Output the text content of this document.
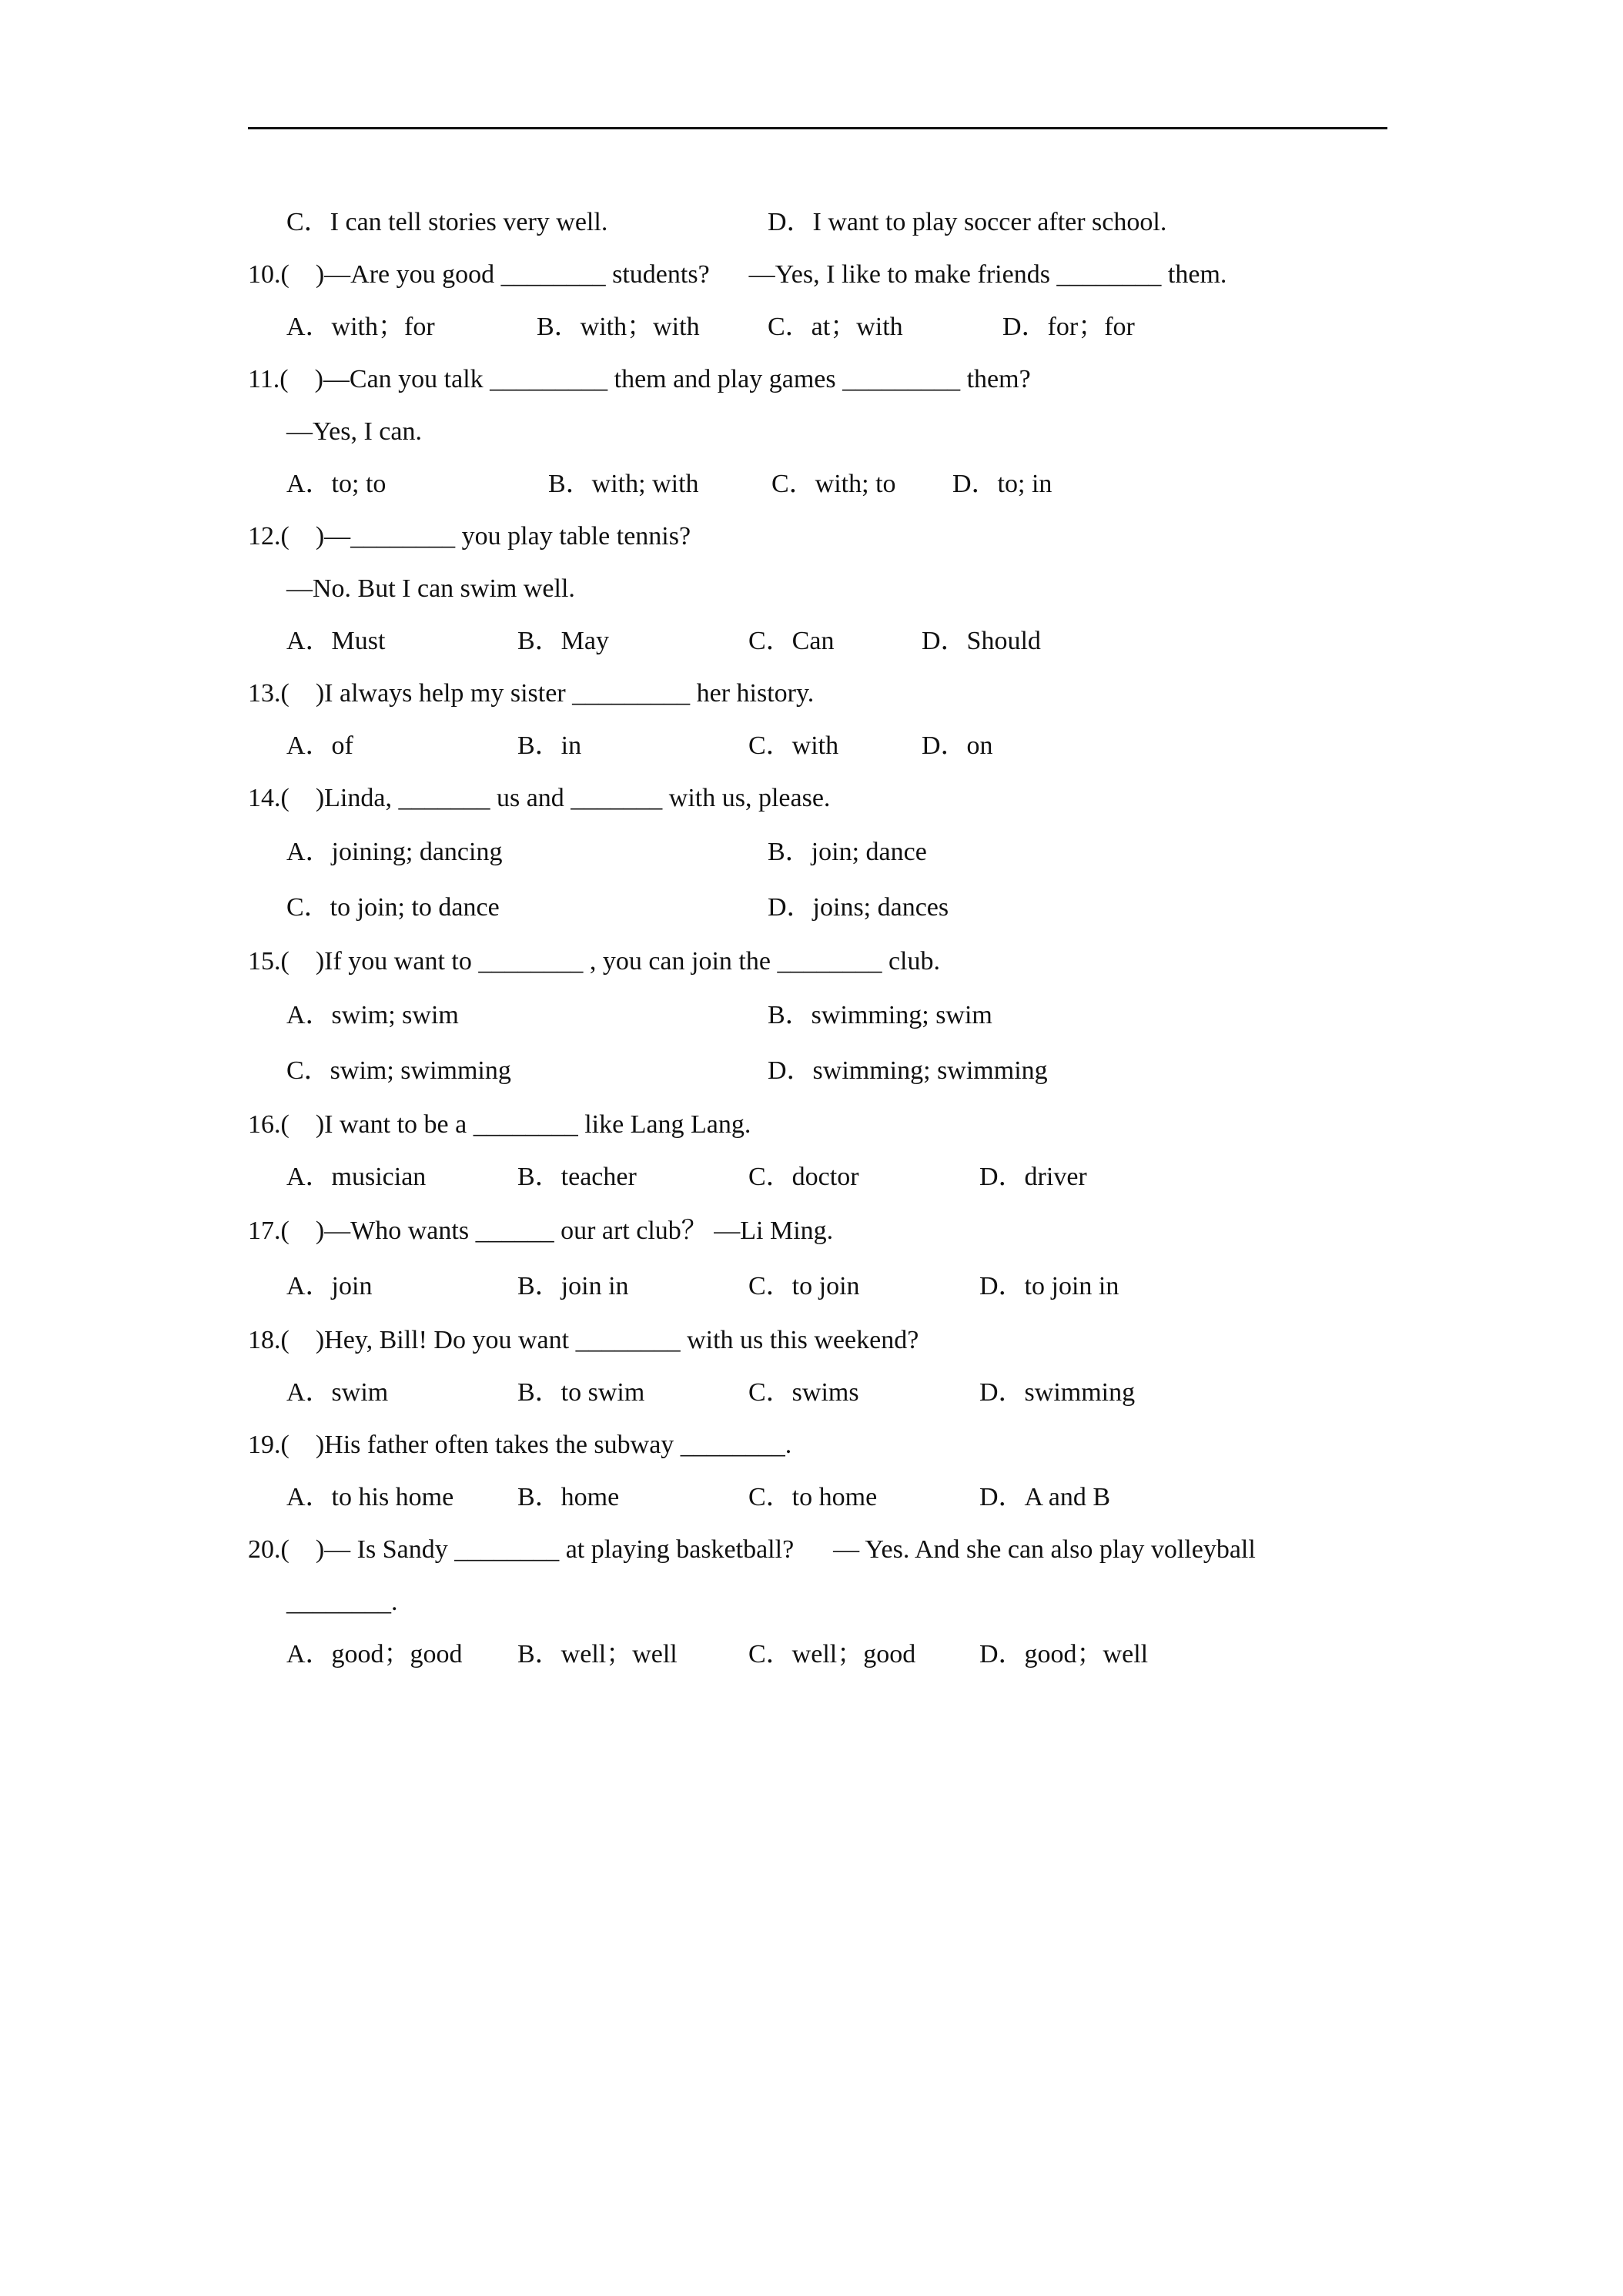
C．I can tell stories very well.	D．I want to play soccer after school.
10.(    )—Are you good ________ students?      —Yes, I like to make friends ________ them.
A．with；for	B．with；with	C．at；with	D．for；for
11.(    )—Can you talk _________ them and play games _________ them?
—Yes, I can.
A．to; to	B．with; with	C．with; to	D．to; in
12.(    )—________ you play table tennis?
—No. But I can swim well.
A．Must	B．May	C．Can	D．Should
13.(    )I always help my sister _________ her history.
A．of	B．in	C．with	D．on
14.(    )Linda, _______ us and _______ with us, please.
A．joining; dancing	B．join; dance
C．to join; to dance	D．joins; dances
15.(    )If you want to ________ , you can join the ________ club.
A．swim; swim	B．swimming; swim
C．swim; swimming	D．swimming; swimming
16.(    )I want to be a ________ like Lang Lang.
A．musician	B．teacher	C．doctor	D．driver
17.(    )—Who wants ______ our art club？ —Li Ming.
A．join	B．join in	C．to join	D．to join in
18.(    )Hey, Bill! Do you want ________ with us this weekend?
A．swim	B．to swim	C．swims	D．swimming
19.(    )His father often takes the subway ________.
A．to his home	B．home	C．to home	D．A and B
20.(    )— Is Sandy ________ at playing basketball?      — Yes. And she can also play volleyball
________.
A．good；good	B．well；well	C．well；good	D．good；well
